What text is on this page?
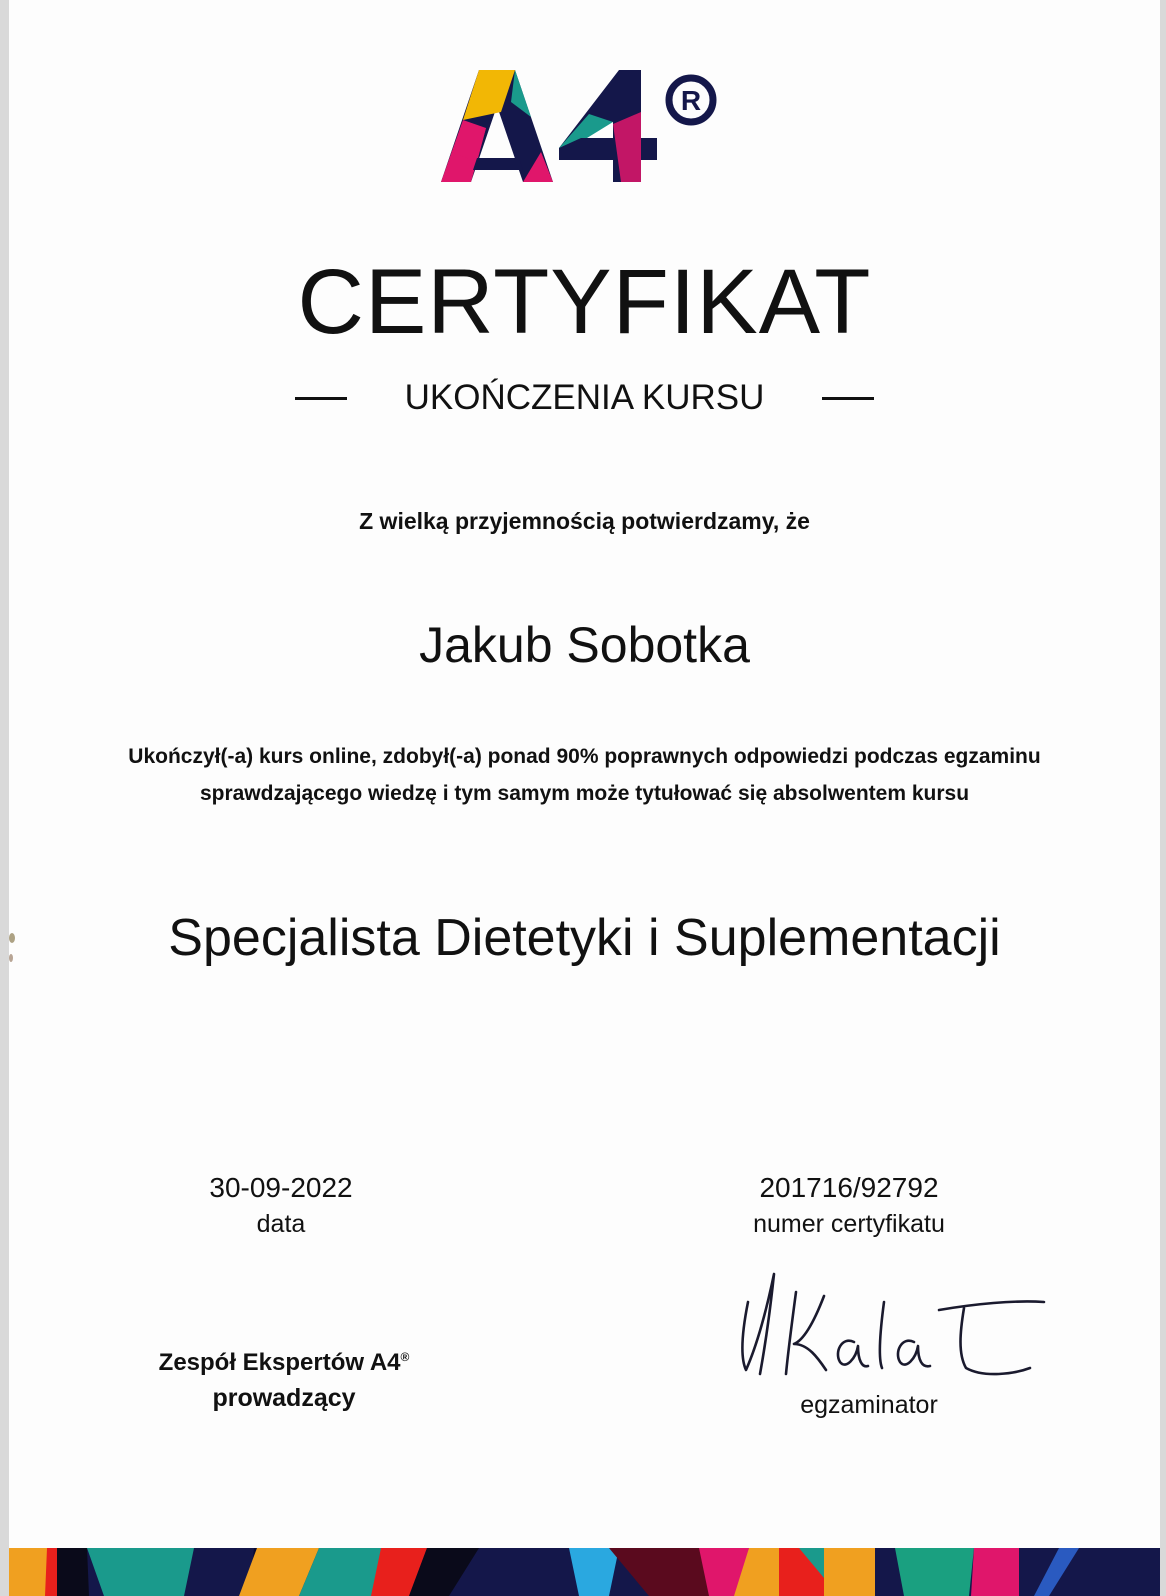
R
CERTYFIKAT
UKOŃCZENIA KURSU
Z wielką przyjemnością potwierdzamy, że
Jakub Sobotka
Ukończył(-a) kurs online, zdobył(-a) ponad 90% poprawnych odpowiedzi podczas egzaminu
sprawdzającego wiedzę i tym samym może tytułować się absolwentem kursu
Specjalista Dietetyki i Suplementacji
30-09-2022
data
201716/92792
numer certyfikatu
Zespół Ekspertów A4®
prowadzący	egzaminator
